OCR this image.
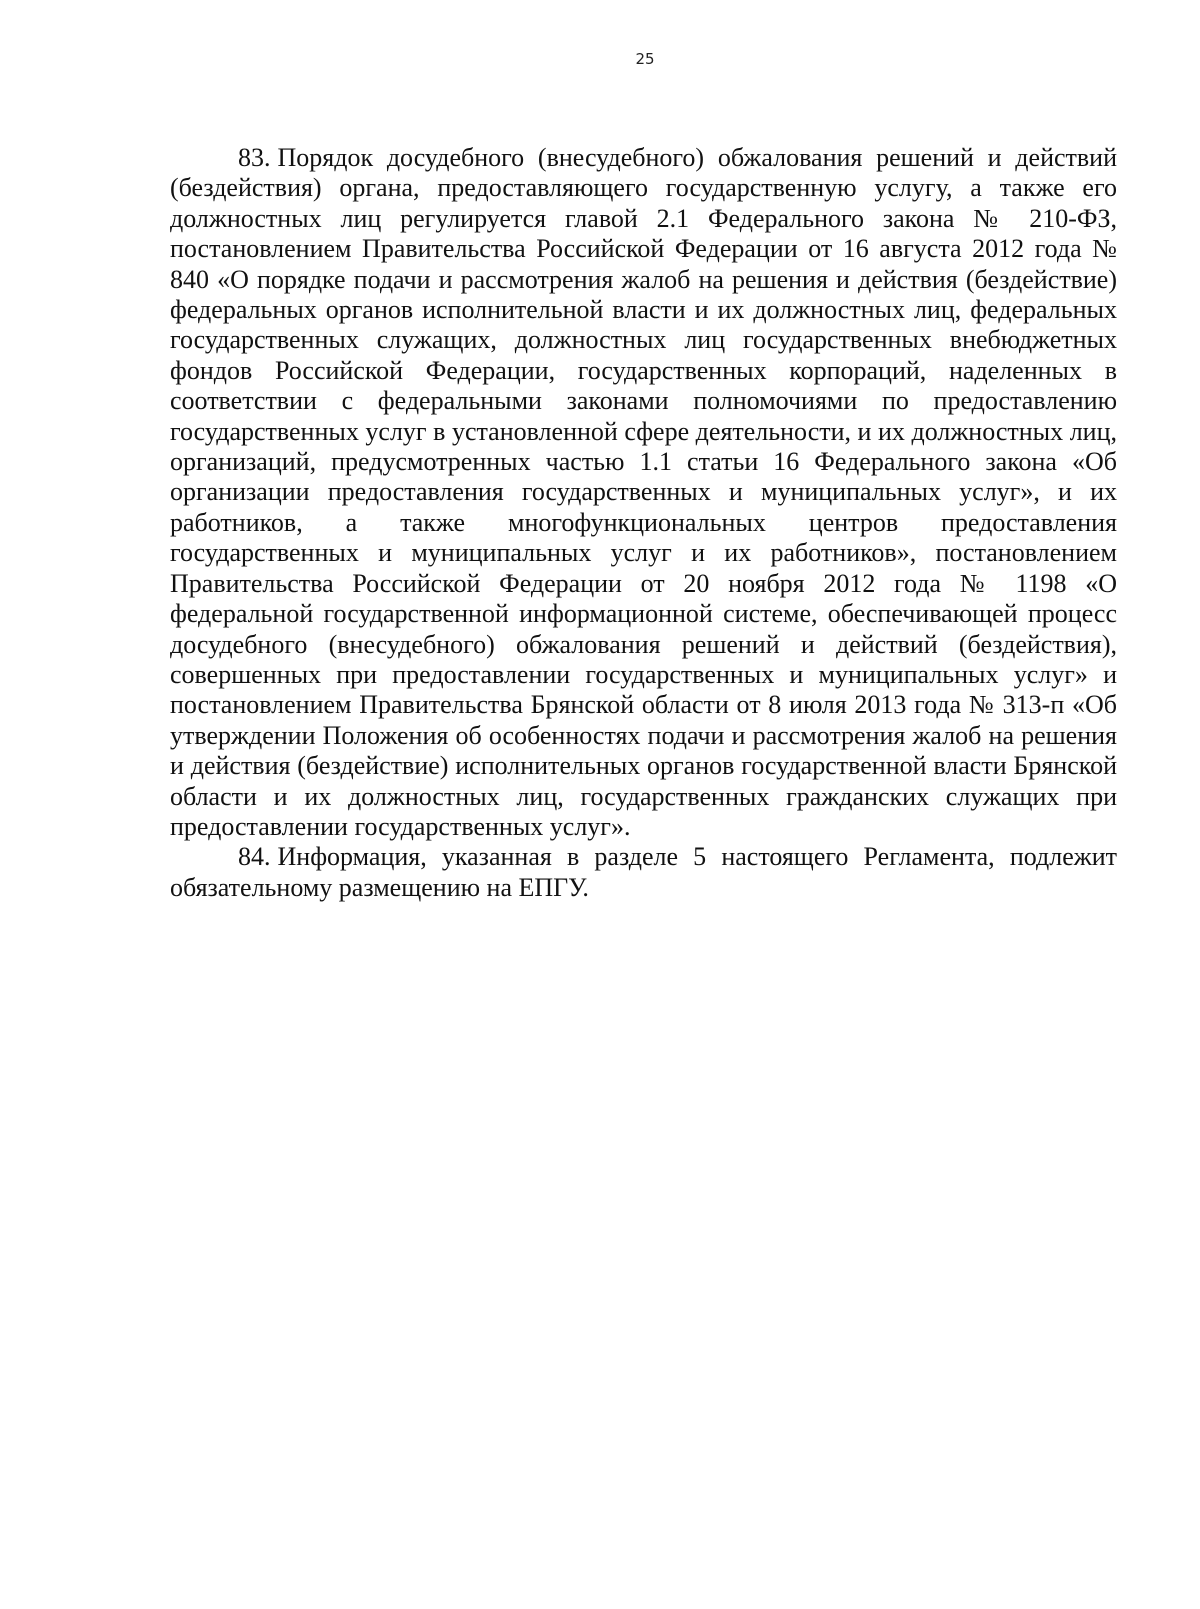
25

83. Порядок досудебного (внесудебного) обжалования решений и действий (бездействия) органа, предоставляющего государственную услугу, а также его должностных лиц регулируется главой 2.1 Федерального закона № 210-ФЗ, постановлением Правительства Российской Федерации от 16 августа 2012 года № 840 «О порядке подачи и рассмотрения жалоб на решения и действия (бездействие) федеральных органов исполнительной власти и их должностных лиц, федеральных государственных служащих, должностных лиц государственных внебюджетных фондов Российской Федерации, государственных корпораций, наделенных в соответствии с федеральными законами полномочиями по предоставлению государственных услуг в установленной сфере деятельности, и их должностных лиц, организаций, предусмотренных частью 1.1 статьи 16 Федерального закона «Об организации предоставления государственных и муниципальных услуг», и их работников, а также многофункциональных центров предоставления государственных и муниципальных услуг и их работников», постановлением Правительства Российской Федерации от 20 ноября 2012 года № 1198 «О федеральной государственной информационной системе, обеспечивающей процесс досудебного (внесудебного) обжалования решений и действий (бездействия), совершенных при предоставлении государственных и муниципальных услуг» и постановлением Правительства Брянской области от 8 июля 2013 года № 313-п «Об утверждении Положения об особенностях подачи и рассмотрения жалоб на решения и действия (бездействие) исполнительных органов государственной власти Брянской области и их должностных лиц, государственных гражданских служащих при предоставлении государственных услуг».

84. Информация, указанная в разделе 5 настоящего Регламента, подлежит обязательному размещению на ЕПГУ.
